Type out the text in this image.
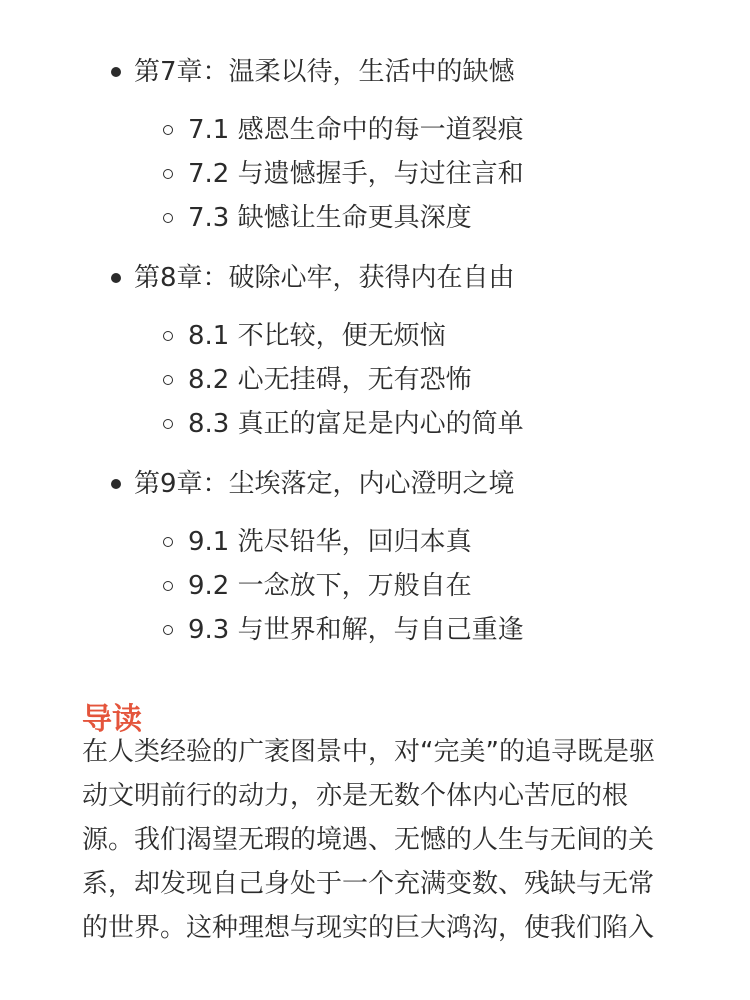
第7章：温柔以待，生活中的缺憾
7.1 感恩生命中的每一道裂痕
7.2 与遗憾握手，与过往言和
7.3 缺憾让生命更具深度
第8章：破除心牢，获得内在自由
8.1 不比较，便无烦恼
8.2 心无挂碍，无有恐怖
8.3 真正的富足是内心的简单
第9章：尘埃落定，内心澄明之境
9.1 洗尽铅华，回归本真
9.2 一念放下，万般自在
9.3 与世界和解，与自己重逢
导读

在人类经验的广袤图景中，对“完美”的追寻既是驱动文明前行的动力，亦是无数个体内心苦厄的根源。我们渴望无瑕的境遇、无憾的人生与无间的关系，却发现自己身处于一个充满变数、残缺与无常的世界。这种理想与现实的巨大鸿沟，使我们陷入
